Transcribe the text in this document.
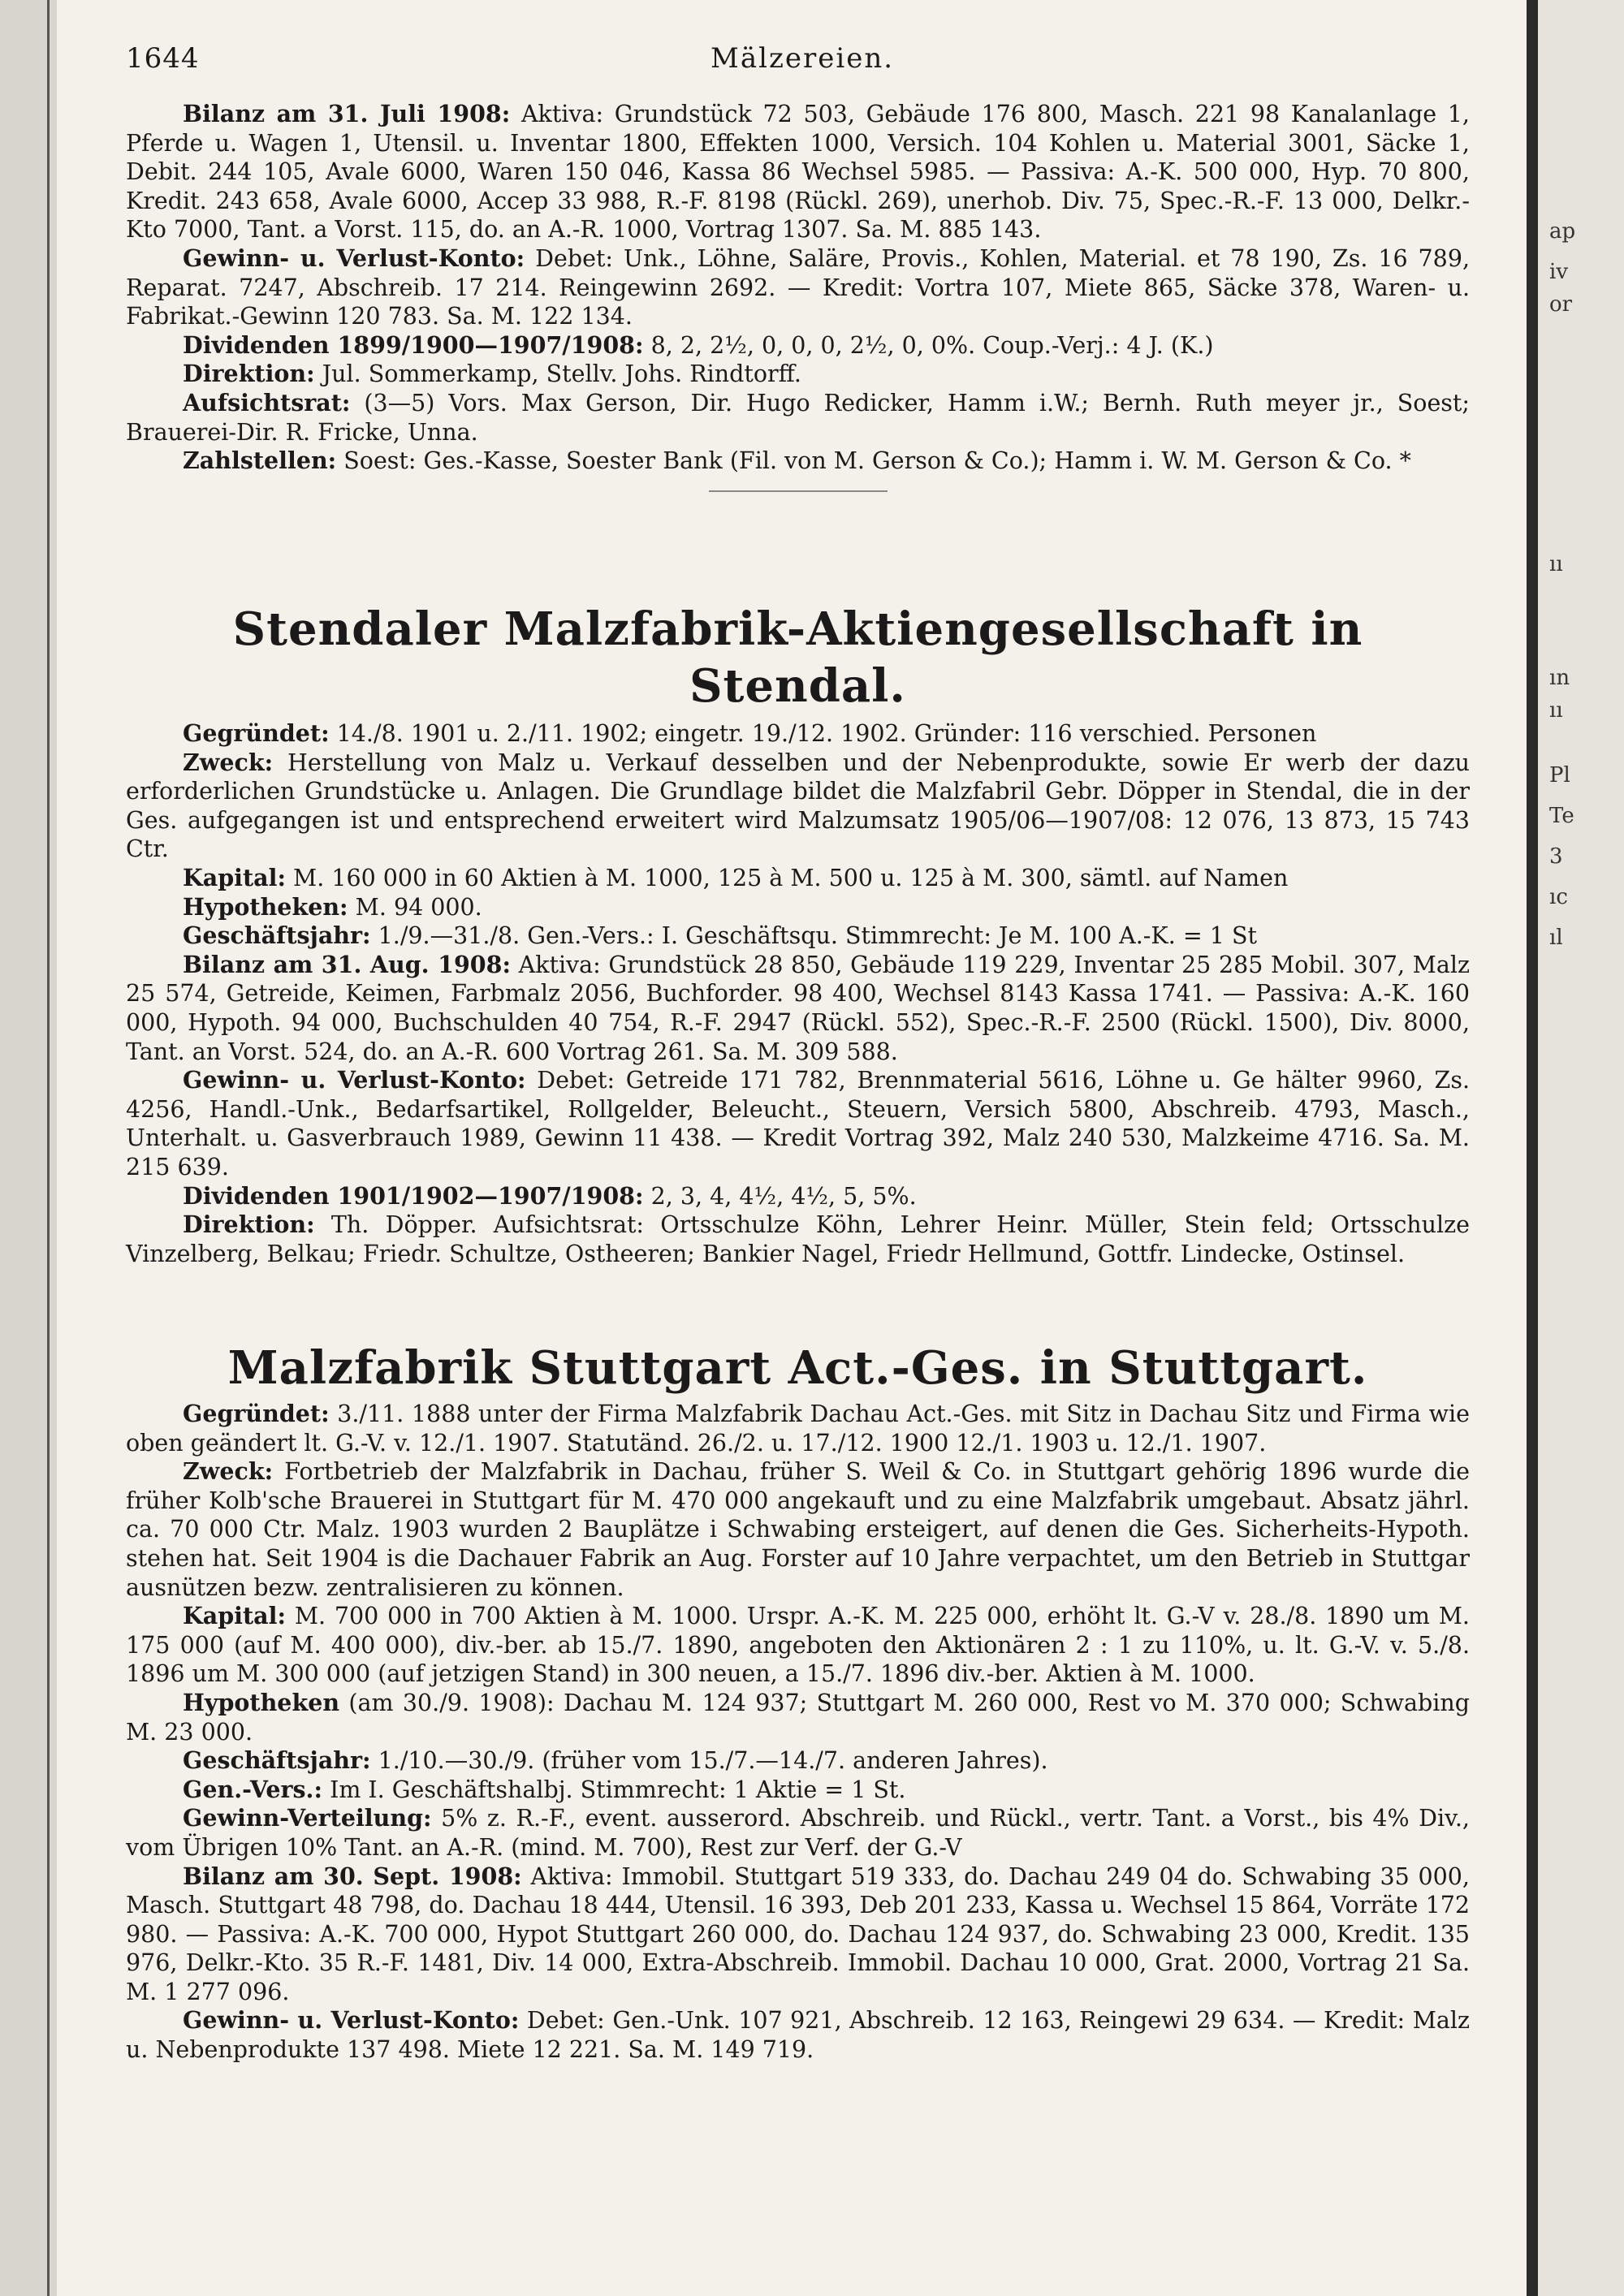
ap
iv
or
ıı
ın
ıı
Pl
Te
3
ıc
ıl
1644	Mälzereien.

Bilanz am 31. Juli 1908: Aktiva: Grundstück 72 503, Gebäude 176 800, Masch. 221 98 Kanalanlage 1, Pferde u. Wagen 1, Utensil. u. Inventar 1800, Effekten 1000, Versich. 104 Kohlen u. Material 3001, Säcke 1, Debit. 244 105, Avale 6000, Waren 150 046, Kassa 86 Wechsel 5985. — Passiva: A.-K. 500 000, Hyp. 70 800, Kredit. 243 658, Avale 6000, Accep 33 988, R.-F. 8198 (Rückl. 269), unerhob. Div. 75, Spec.-R.-F. 13 000, Delkr.-Kto 7000, Tant. a Vorst. 115, do. an A.-R. 1000, Vortrag 1307. Sa. M. 885 143.

Gewinn- u. Verlust-Konto: Debet: Unk., Löhne, Saläre, Provis., Kohlen, Material. et 78 190, Zs. 16 789, Reparat. 7247, Abschreib. 17 214. Reingewinn 2692. — Kredit: Vortra 107, Miete 865, Säcke 378, Waren- u. Fabrikat.-Gewinn 120 783. Sa. M. 122 134.

Dividenden 1899/1900—1907/1908: 8, 2, 2½, 0, 0, 0, 2½, 0, 0%. Coup.-Verj.: 4 J. (K.)

Direktion: Jul. Sommerkamp, Stellv. Johs. Rindtorff.

Aufsichtsrat: (3—5) Vors. Max Gerson, Dir. Hugo Redicker, Hamm i.W.; Bernh. Ruth meyer jr., Soest; Brauerei-Dir. R. Fricke, Unna.

Zahlstellen: Soest: Ges.-Kasse, Soester Bank (Fil. von M. Gerson & Co.); Hamm i. W. M. Gerson & Co. *

Stendaler Malzfabrik-Aktiengesellschaft in Stendal.

Gegründet: 14./8. 1901 u. 2./11. 1902; eingetr. 19./12. 1902. Gründer: 116 verschied. Personen

Zweck: Herstellung von Malz u. Verkauf desselben und der Nebenprodukte, sowie Er werb der dazu erforderlichen Grundstücke u. Anlagen. Die Grundlage bildet die Malzfabril Gebr. Döpper in Stendal, die in der Ges. aufgegangen ist und entsprechend erweitert wird Malzumsatz 1905/06—1907/08: 12 076, 13 873, 15 743 Ctr.

Kapital: M. 160 000 in 60 Aktien à M. 1000, 125 à M. 500 u. 125 à M. 300, sämtl. auf Namen

Hypotheken: M. 94 000.

Geschäftsjahr: 1./9.—31./8. Gen.-Vers.: I. Geschäftsqu. Stimmrecht: Je M. 100 A.-K. = 1 St

Bilanz am 31. Aug. 1908: Aktiva: Grundstück 28 850, Gebäude 119 229, Inventar 25 285 Mobil. 307, Malz 25 574, Getreide, Keimen, Farbmalz 2056, Buchforder. 98 400, Wechsel 8143 Kassa 1741. — Passiva: A.-K. 160 000, Hypoth. 94 000, Buchschulden 40 754, R.-F. 2947 (Rückl. 552), Spec.-R.-F. 2500 (Rückl. 1500), Div. 8000, Tant. an Vorst. 524, do. an A.-R. 600 Vortrag 261. Sa. M. 309 588.

Gewinn- u. Verlust-Konto: Debet: Getreide 171 782, Brennmaterial 5616, Löhne u. Ge hälter 9960, Zs. 4256, Handl.-Unk., Bedarfsartikel, Rollgelder, Beleucht., Steuern, Versich 5800, Abschreib. 4793, Masch., Unterhalt. u. Gasverbrauch 1989, Gewinn 11 438. — Kredit Vortrag 392, Malz 240 530, Malzkeime 4716. Sa. M. 215 639.

Dividenden 1901/1902—1907/1908: 2, 3, 4, 4½, 4½, 5, 5%.

Direktion: Th. Döpper. Aufsichtsrat: Ortsschulze Köhn, Lehrer Heinr. Müller, Stein feld; Ortsschulze Vinzelberg, Belkau; Friedr. Schultze, Ostheeren; Bankier Nagel, Friedr Hellmund, Gottfr. Lindecke, Ostinsel.

Malzfabrik Stuttgart Act.-Ges. in Stuttgart.

Gegründet: 3./11. 1888 unter der Firma Malzfabrik Dachau Act.-Ges. mit Sitz in Dachau Sitz und Firma wie oben geändert lt. G.-V. v. 12./1. 1907. Statutänd. 26./2. u. 17./12. 1900 12./1. 1903 u. 12./1. 1907.

Zweck: Fortbetrieb der Malzfabrik in Dachau, früher S. Weil & Co. in Stuttgart gehörig 1896 wurde die früher Kolb'sche Brauerei in Stuttgart für M. 470 000 angekauft und zu eine Malzfabrik umgebaut. Absatz jährl. ca. 70 000 Ctr. Malz. 1903 wurden 2 Bauplätze i Schwabing ersteigert, auf denen die Ges. Sicherheits-Hypoth. stehen hat. Seit 1904 is die Dachauer Fabrik an Aug. Forster auf 10 Jahre verpachtet, um den Betrieb in Stuttgar ausnützen bezw. zentralisieren zu können.

Kapital: M. 700 000 in 700 Aktien à M. 1000. Urspr. A.-K. M. 225 000, erhöht lt. G.-V v. 28./8. 1890 um M. 175 000 (auf M. 400 000), div.-ber. ab 15./7. 1890, angeboten den Aktionären 2 : 1 zu 110%, u. lt. G.-V. v. 5./8. 1896 um M. 300 000 (auf jetzigen Stand) in 300 neuen, a 15./7. 1896 div.-ber. Aktien à M. 1000.

Hypotheken (am 30./9. 1908): Dachau M. 124 937; Stuttgart M. 260 000, Rest vo M. 370 000; Schwabing M. 23 000.

Geschäftsjahr: 1./10.—30./9. (früher vom 15./7.—14./7. anderen Jahres).

Gen.-Vers.: Im I. Geschäftshalbj. Stimmrecht: 1 Aktie = 1 St.

Gewinn-Verteilung: 5% z. R.-F., event. ausserord. Abschreib. und Rückl., vertr. Tant. a Vorst., bis 4% Div., vom Übrigen 10% Tant. an A.-R. (mind. M. 700), Rest zur Verf. der G.-V

Bilanz am 30. Sept. 1908: Aktiva: Immobil. Stuttgart 519 333, do. Dachau 249 04 do. Schwabing 35 000, Masch. Stuttgart 48 798, do. Dachau 18 444, Utensil. 16 393, Deb 201 233, Kassa u. Wechsel 15 864, Vorräte 172 980. — Passiva: A.-K. 700 000, Hypot Stuttgart 260 000, do. Dachau 124 937, do. Schwabing 23 000, Kredit. 135 976, Delkr.-Kto. 35 R.-F. 1481, Div. 14 000, Extra-Abschreib. Immobil. Dachau 10 000, Grat. 2000, Vortrag 21 Sa. M. 1 277 096.

Gewinn- u. Verlust-Konto: Debet: Gen.-Unk. 107 921, Abschreib. 12 163, Reingewi 29 634. — Kredit: Malz u. Nebenprodukte 137 498. Miete 12 221. Sa. M. 149 719.
